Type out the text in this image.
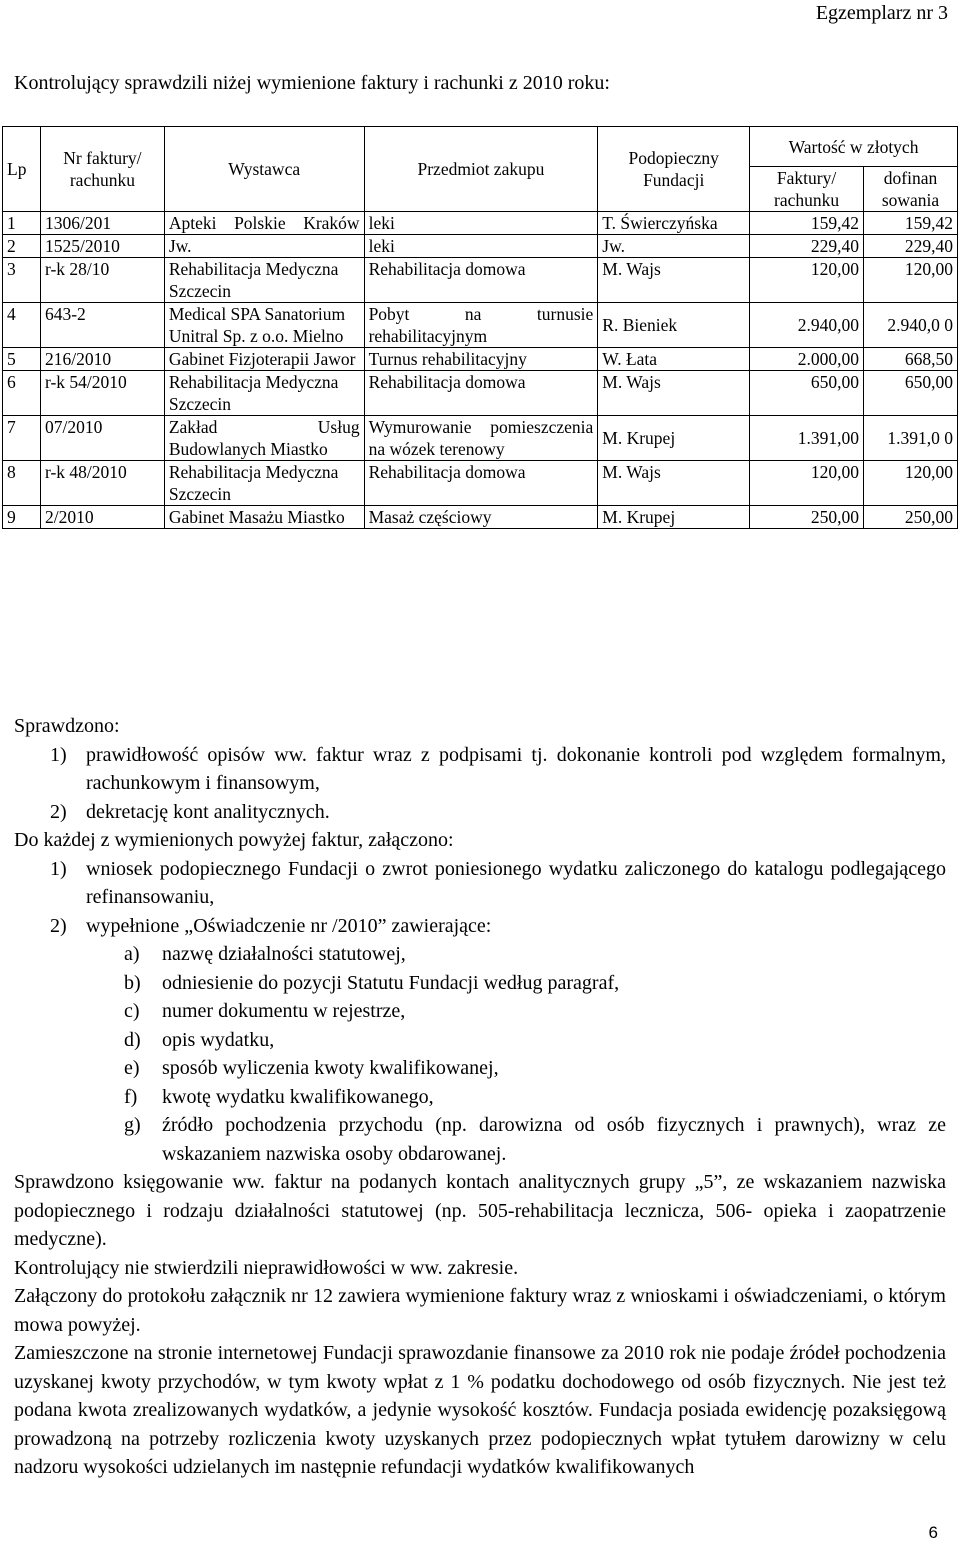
Egzemplarz nr 3
Kontrolujący sprawdzili niżej wymienione faktury i rachunki z 2010 roku:
Lp	Nr faktury/ rachunku	Wystawca	Przedmiot zakupu	Podopieczny Fundacji	Wartość w złotych	
					Faktury/ rachunku	dofinan sowania
1	1306/201	Apteki Polskie Kraków	leki	T. Świerczyńska	159,42	159,42
2	1525/2010	Jw.	leki	Jw.	229,40	229,40
3	r-k 28/10	Rehabilitacja Medyczna Szczecin	Rehabilitacja domowa	M. Wajs	120,00	120,00
4	643-2	Medical SPA Sanatorium Unitral Sp. z o.o. Mielno	Pobyt na turnusie rehabilitacyjnym	R. Bieniek	2.940,00	2.940,0 0
5	216/2010	Gabinet Fizjoterapii Jawor	Turnus rehabilitacyjny	W. Łata	2.000,00	668,50
6	r-k 54/2010	Rehabilitacja Medyczna Szczecin	Rehabilitacja domowa	M. Wajs	650,00	650,00
7	07/2010	Zakład Usług Budowlanych Miastko	Wymurowanie pomieszczenia na wózek terenowy	M. Krupej	1.391,00	1.391,0 0
8	r-k 48/2010	Rehabilitacja Medyczna Szczecin	Rehabilitacja domowa	M. Wajs	120,00	120,00
9	2/2010	Gabinet Masażu Miastko	Masaż częściowy	M. Krupej	250,00	250,00
Sprawdzono:
1) prawidłowość opisów ww. faktur wraz z podpisami tj. dokonanie kontroli pod względem formalnym, rachunkowym i finansowym,
2) dekretację kont analitycznych.
Do każdej z wymienionych powyżej faktur, załączono:
1) wniosek podopiecznego Fundacji o zwrot poniesionego wydatku zaliczonego do katalogu podlegającego refinansowaniu,
2) wypełnione „Oświadczenie nr /2010” zawierające:
a) nazwę działalności statutowej,
b) odniesienie do pozycji Statutu Fundacji według paragraf,
c) numer dokumentu w rejestrze,
d) opis wydatku,
e) sposób wyliczenia kwoty kwalifikowanej,
f) kwotę wydatku kwalifikowanego,
g) źródło pochodzenia przychodu (np. darowizna od osób fizycznych i prawnych), wraz ze wskazaniem nazwiska osoby obdarowanej.
Sprawdzono księgowanie ww. faktur na podanych kontach analitycznych grupy „5”, ze wskazaniem nazwiska podopiecznego i rodzaju działalności statutowej (np. 505-rehabilitacja lecznicza, 506- opieka i zaopatrzenie medyczne).
Kontrolujący nie stwierdzili nieprawidłowości w ww. zakresie.
Załączony do protokołu załącznik nr 12 zawiera wymienione faktury wraz z wnioskami i oświadczeniami, o którym mowa powyżej.
Zamieszczone na stronie internetowej Fundacji sprawozdanie finansowe za 2010 rok nie podaje źródeł pochodzenia uzyskanej kwoty przychodów, w tym kwoty wpłat z 1 % podatku dochodowego od osób fizycznych. Nie jest też podana kwota zrealizowanych wydatków, a jedynie wysokość kosztów. Fundacja posiada ewidencję pozaksięgową prowadzoną na potrzeby rozliczenia kwoty uzyskanych przez podopiecznych wpłat tytułem darowizny w celu nadzoru wysokości udzielanych im następnie refundacji wydatków kwalifikowanych
6
